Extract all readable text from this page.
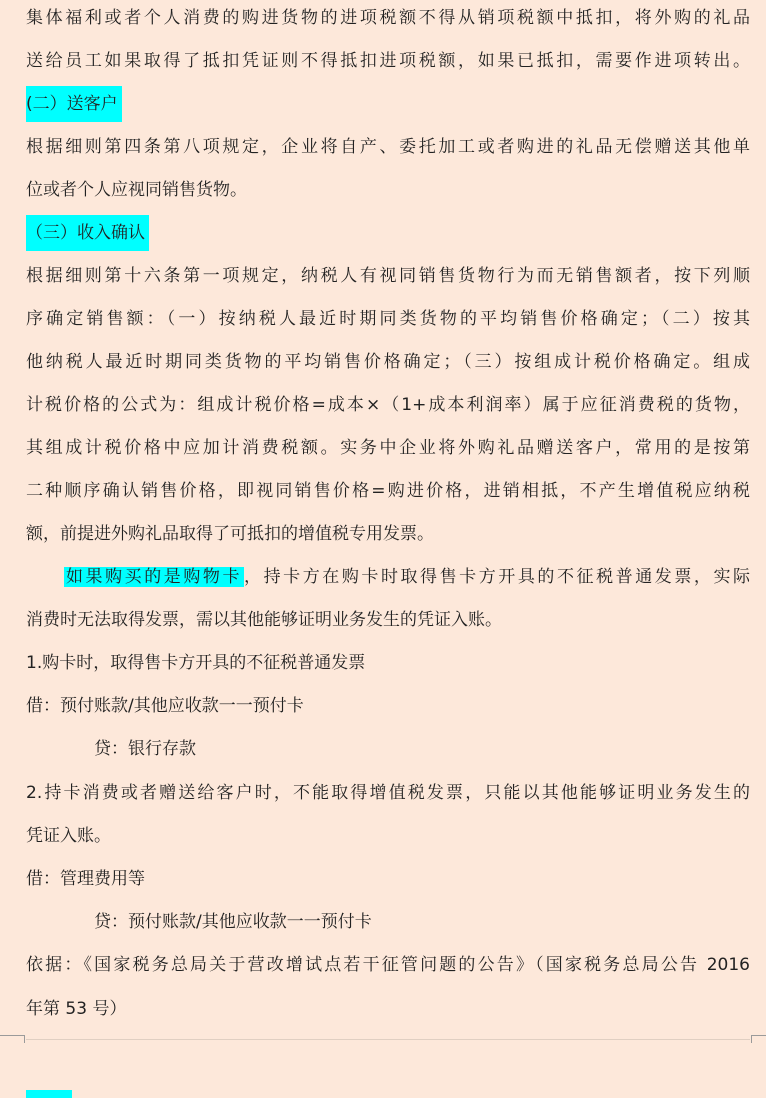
集体福利或者个人消费的购进货物的进项税额不得从销项税额中抵扣，将外购的礼品
送给员工如果取得了抵扣凭证则不得抵扣进项税额，如果已抵扣，需要作进项转出。
(二）送客户
根据细则第四条第八项规定，企业将自产、委托加工或者购进的礼品无偿赠送其他单
位或者个人应视同销售货物。
（三）收入确认
根据细则第十六条第一项规定，纳税人有视同销售货物行为而无销售额者，按下列顺
序确定销售额：（一）按纳税人最近时期同类货物的平均销售价格确定；（二）按其
他纳税人最近时期同类货物的平均销售价格确定；（三）按组成计税价格确定。组成
计税价格的公式为：组成计税价格=成本×（1+成本利润率）属于应征消费税的货物，
其组成计税价格中应加计消费税额。实务中企业将外购礼品赠送客户，常用的是按第
二种顺序确认销售价格，即视同销售价格=购进价格，进销相抵，不产生增值税应纳税
额，前提进外购礼品取得了可抵扣的增值税专用发票。
如果购买的是购物卡 ，持卡方在购卡时取得售卡方开具的不征税普通发票，实际
消费时无法取得发票，需以其他能够证明业务发生的凭证入账。
1.购卡时，取得售卡方开具的不征税普通发票
借：预付账款/其他应收款一一预付卡
贷：银行存款
2.持卡消费或者赠送给客户时，不能取得增值税发票，只能以其他能够证明业务发生的
凭证入账。
借：管理费用等
贷：预付账款/其他应收款一一预付卡
依据：《国家税务总局关于营改增试点若干征管问题的公告》（国家税务总局公告 2016
年第 53 号）
